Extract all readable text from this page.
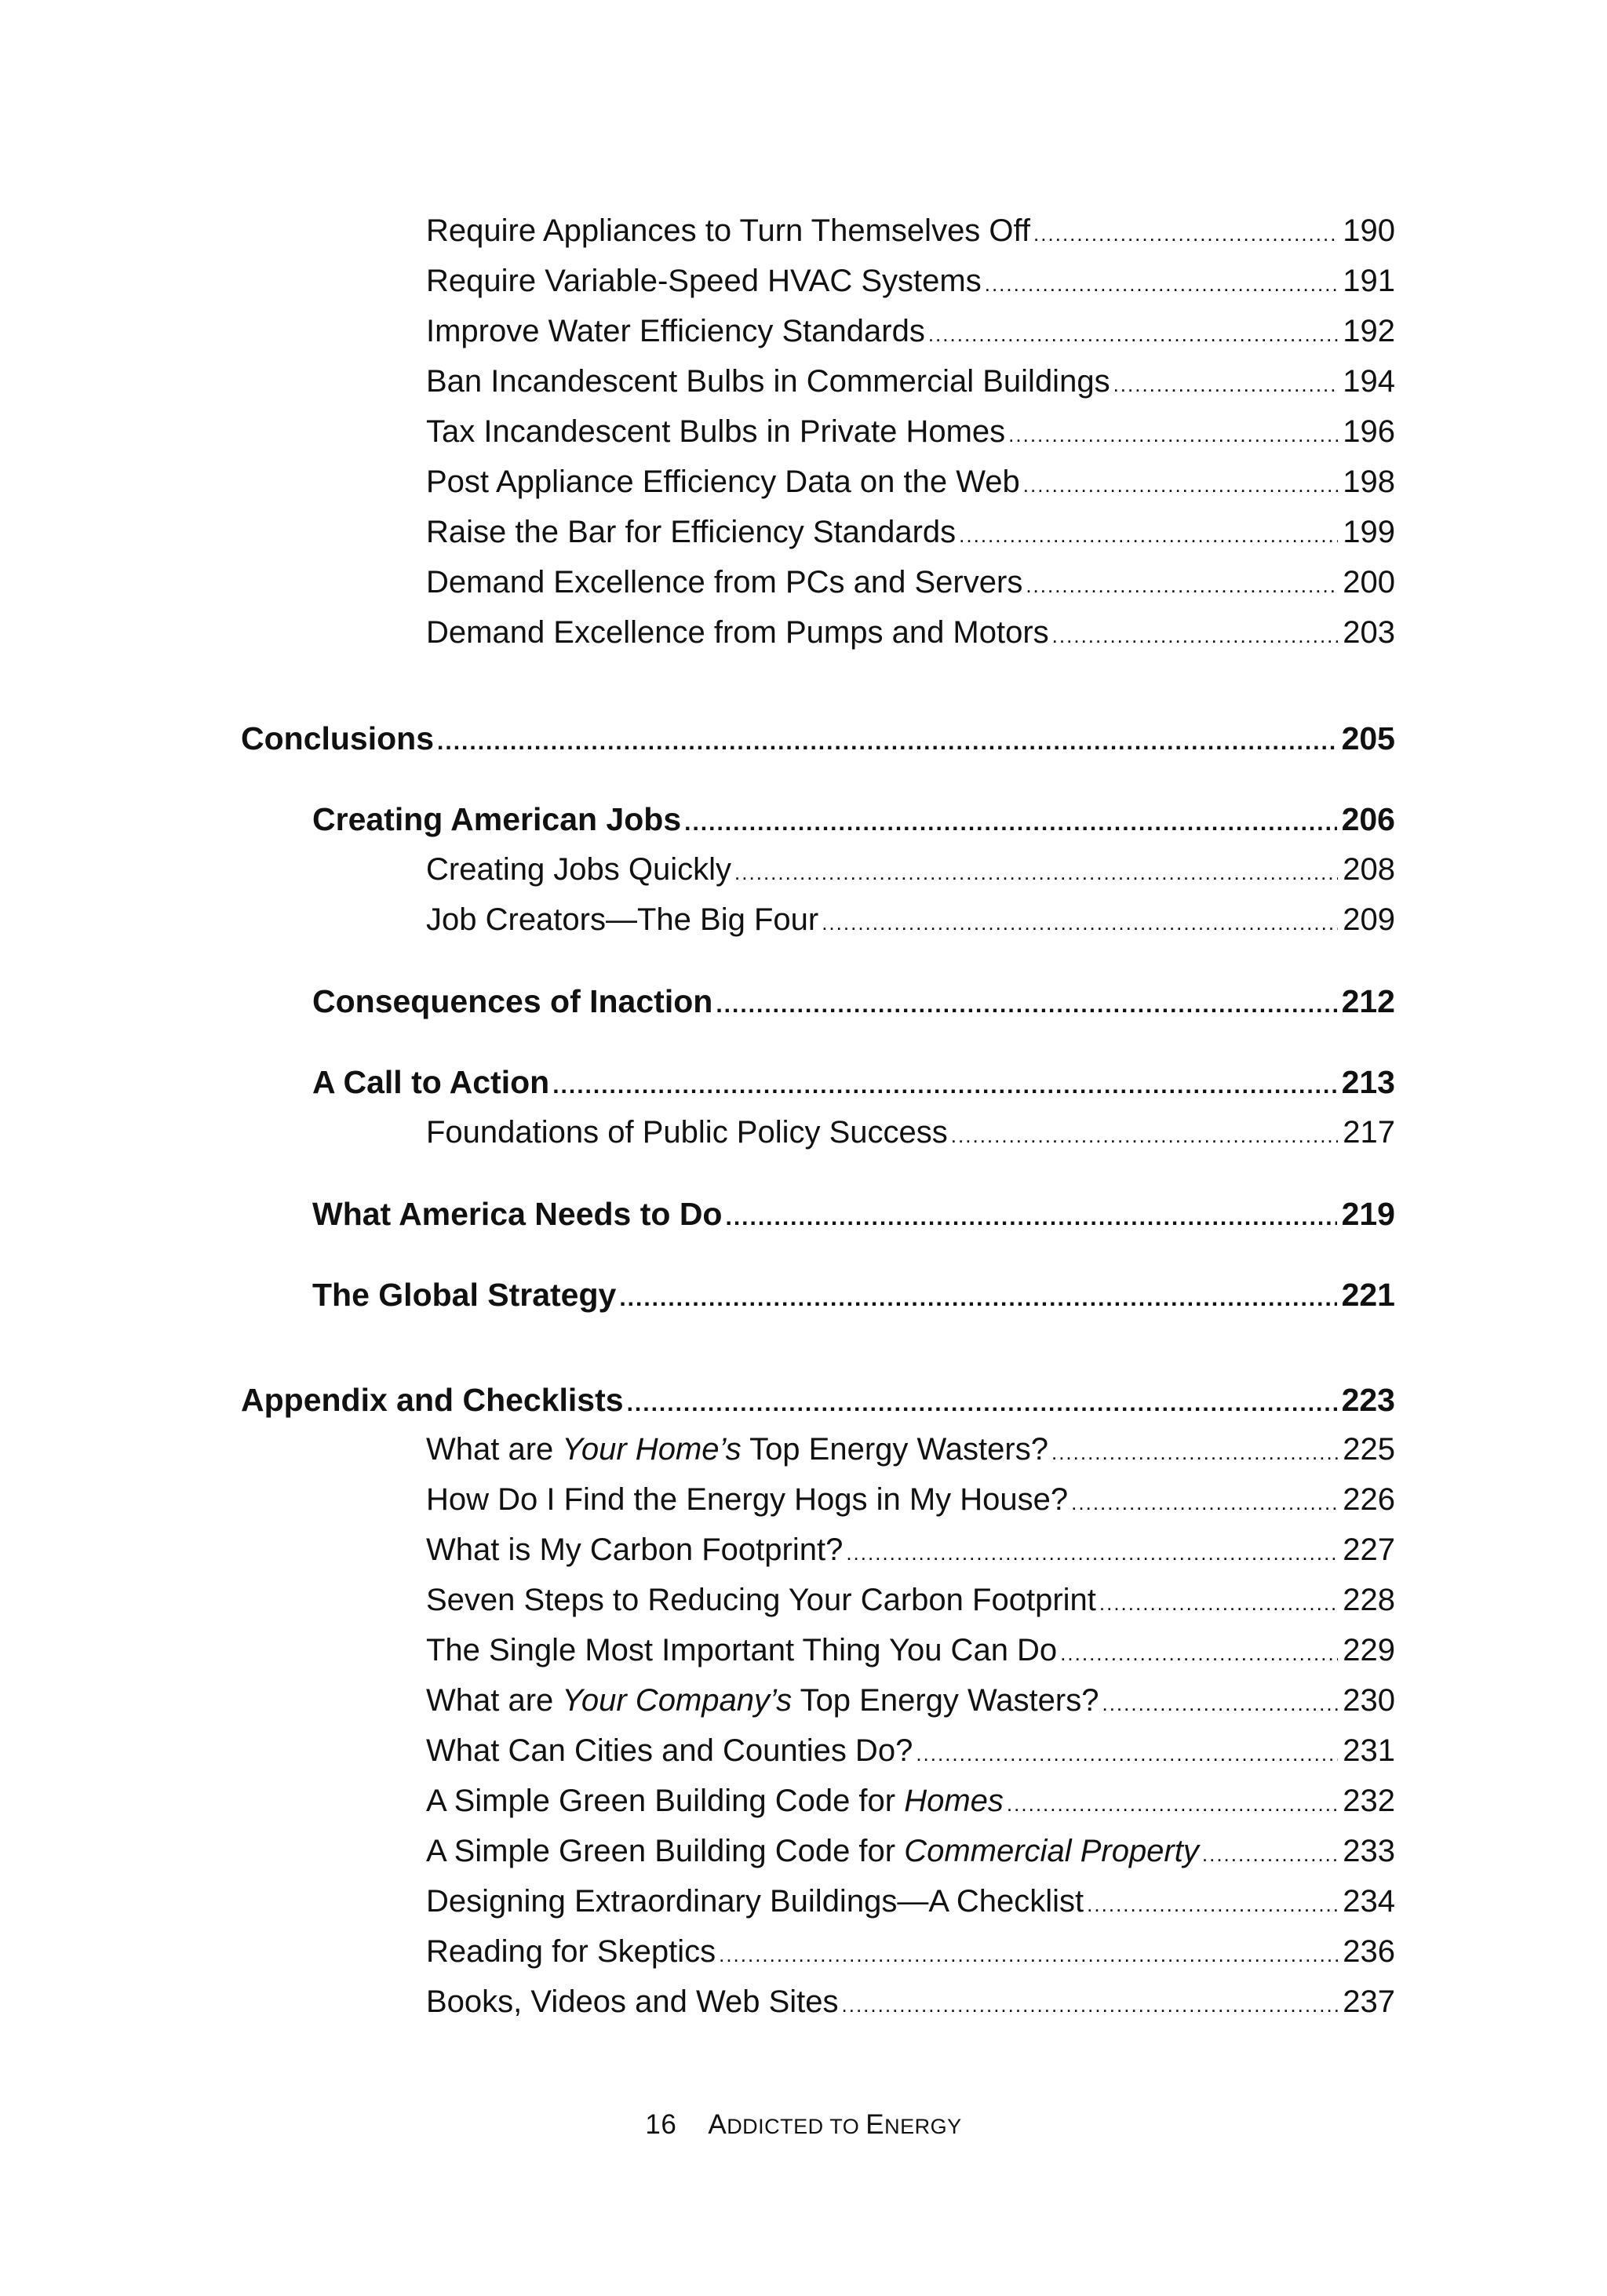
Require Appliances to Turn Themselves Off .....	190
Require Variable-Speed HVAC Systems .....	191
Improve Water Efficiency Standards .....	192
Ban Incandescent Bulbs in Commercial Buildings .....	194
Tax Incandescent Bulbs in Private Homes .....	196
Post Appliance Efficiency Data on the Web .....	198
Raise the Bar for Efficiency Standards .....	199
Demand Excellence from PCs and Servers .....	200
Demand Excellence from Pumps and Motors .....	203
Conclusions .....	205
Creating American Jobs .....	206
Creating Jobs Quickly .....	208
Job Creators—The Big Four .....	209
Consequences of Inaction .....	212
A Call to Action .....	213
Foundations of Public Policy Success .....	217
What America Needs to Do .....	219
The Global Strategy .....	221
Appendix and Checklists .....	223
What are Your Home’s Top Energy Wasters? .....	225
How Do I Find the Energy Hogs in My House? .....	226
What is My Carbon Footprint? .....	227
Seven Steps to Reducing Your Carbon Footprint .....	228
The Single Most Important Thing You Can Do .....	229
What are Your Company’s Top Energy Wasters? .....	230
What Can Cities and Counties Do? .....	231
A Simple Green Building Code for Homes .....	232
A Simple Green Building Code for Commercial Property .....	233
Designing Extraordinary Buildings—A Checklist .....	234
Reading for Skeptics .....	236
Books, Videos and Web Sites .....	237
16 ADDICTED TO ENERGY
